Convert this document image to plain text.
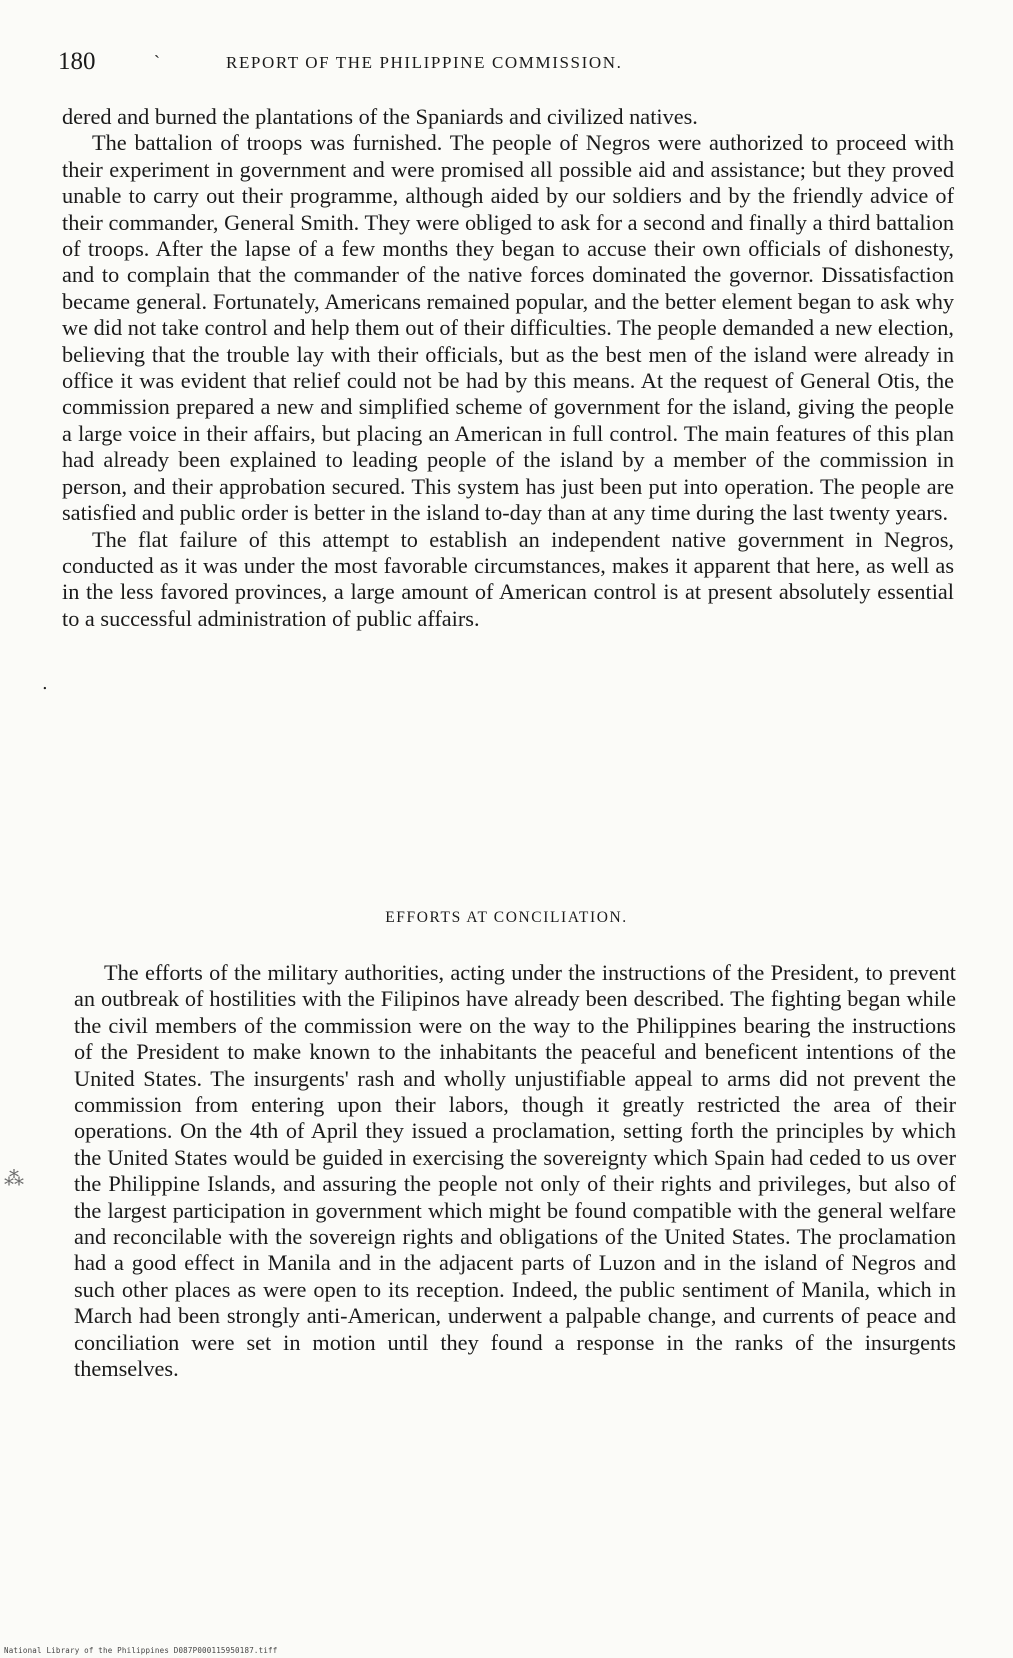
180	`	REPORT OF THE PHILIPPINE COMMISSION.

dered and burned the plantations of the Spaniards and civilized natives.

The battalion of troops was furnished. The people of Negros were authorized to proceed with their experiment in government and were promised all possible aid and assistance; but they proved unable to carry out their programme, although aided by our soldiers and by the friendly advice of their commander, General Smith. They were obliged to ask for a second and finally a third battalion of troops. After the lapse of a few months they began to accuse their own officials of dishonesty, and to complain that the commander of the native forces dominated the governor. Dissatisfaction became general. Fortunately, Americans remained popular, and the better element began to ask why we did not take control and help them out of their difficulties. The people demanded a new election, believing that the trouble lay with their officials, but as the best men of the island were already in office it was evident that relief could not be had by this means. At the request of General Otis, the commission prepared a new and simplified scheme of government for the island, giving the people a large voice in their affairs, but placing an American in full control. The main features of this plan had already been explained to leading people of the island by a member of the commission in person, and their approbation secured. This system has just been put into operation. The people are satisfied and public order is better in the island to-day than at any time during the last twenty years.

The flat failure of this attempt to establish an independent native government in Negros, conducted as it was under the most favorable circumstances, makes it apparent that here, as well as in the less favored provinces, a large amount of American control is at present absolutely essential to a successful administration of public affairs.

.
EFFORTS AT CONCILIATION.

The efforts of the military authorities, acting under the instructions of the President, to prevent an outbreak of hostilities with the Filipinos have already been described. The fighting began while the civil members of the commission were on the way to the Philippines bearing the instructions of the President to make known to the inhabitants the peaceful and beneficent intentions of the United States. The insurgents' rash and wholly unjustifiable appeal to arms did not prevent the commission from entering upon their labors, though it greatly restricted the area of their operations. On the 4th of April they issued a proclamation, setting forth the principles by which the United States would be guided in exercising the sovereignty which Spain had ceded to us over the Philippine Islands, and assuring the people not only of their rights and privileges, but also of the largest participation in government which might be found compatible with the general welfare and reconcilable with the sovereign rights and obligations of the United States. The proclamation had a good effect in Manila and in the adjacent parts of Luzon and in the island of Negros and such other places as were open to its reception. Indeed, the public sentiment of Manila, which in March had been strongly anti-American, underwent a palpable change, and currents of peace and conciliation were set in motion until they found a response in the ranks of the insurgents themselves.

⁂
National Library of the Philippines D087P000115950187.tiff
